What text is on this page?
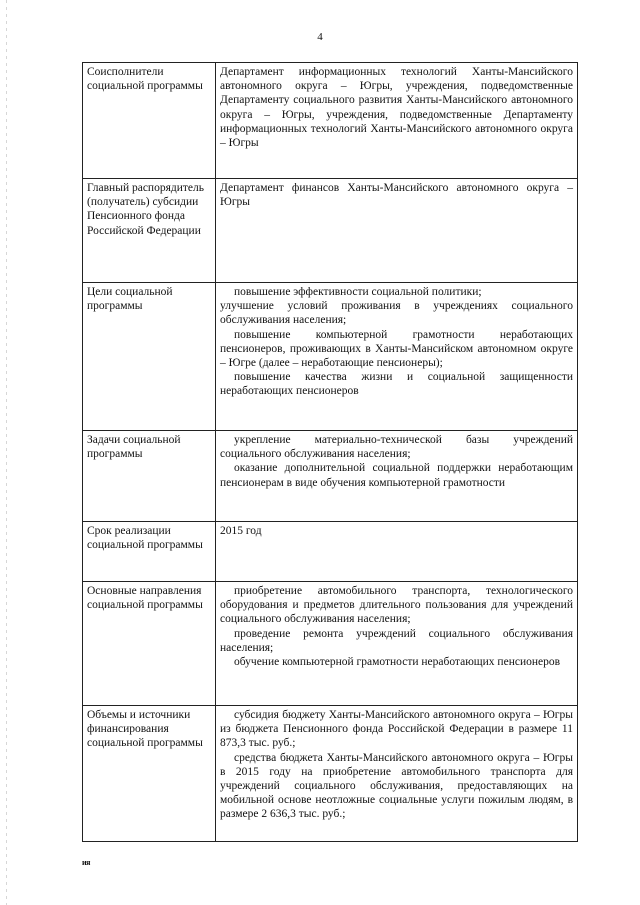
4
Соисполнители социальной программы	Департамент информационных технологий Ханты-Мансийского автономного округа – Югры, учреждения, подведомственные Департаменту социального развития Ханты-Мансийского автономного округа – Югры, учреждения, подведомственные Департаменту информационных технологий Ханты-Мансийского автономного округа – Югры

Главный распорядитель (получатель) субсидии Пенсионного фонда Российской Федерации	Департамент финансов Ханты-Мансийского автономного округа – Югры

Цели социальной программы	повышение эффективности социальной политики;

улучшение условий проживания в учреждениях социального обслуживания населения;

повышение компьютерной грамотности неработающих пенсионеров, проживающих в Ханты-Мансийском автономном округе – Югре (далее – неработающие пенсионеры);

повышение качества жизни и социальной защищенности неработающих пенсионеров

Задачи социальной программы	укрепление материально-технической базы учреждений социального обслуживания населения;

оказание дополнительной социальной поддержки неработающим пенсионерам в виде обучения компьютерной грамотности

Срок реализации социальной программы	2015 год

Основные направления социальной программы	приобретение автомобильного транспорта, технологического оборудования и предметов длительного пользования для учреждений социального обслуживания населения;

проведение ремонта учреждений социального обслуживания населения;

обучение компьютерной грамотности неработающих пенсионеров

Объемы и источники финансирования социальной программы	субсидия бюджету Ханты-Мансийского автономного округа – Югры из бюджета Пенсионного фонда Российской Федерации в размере 11 873,3 тыс. руб.;

средства бюджета Ханты-Мансийского автономного округа – Югры в 2015 году на приобретение автомобильного транспорта для учреждений социального обслуживания, предоставляющих на мобильной основе неотложные социальные услуги пожилым людям, в размере 2 636,3 тыс. руб.;

ия
